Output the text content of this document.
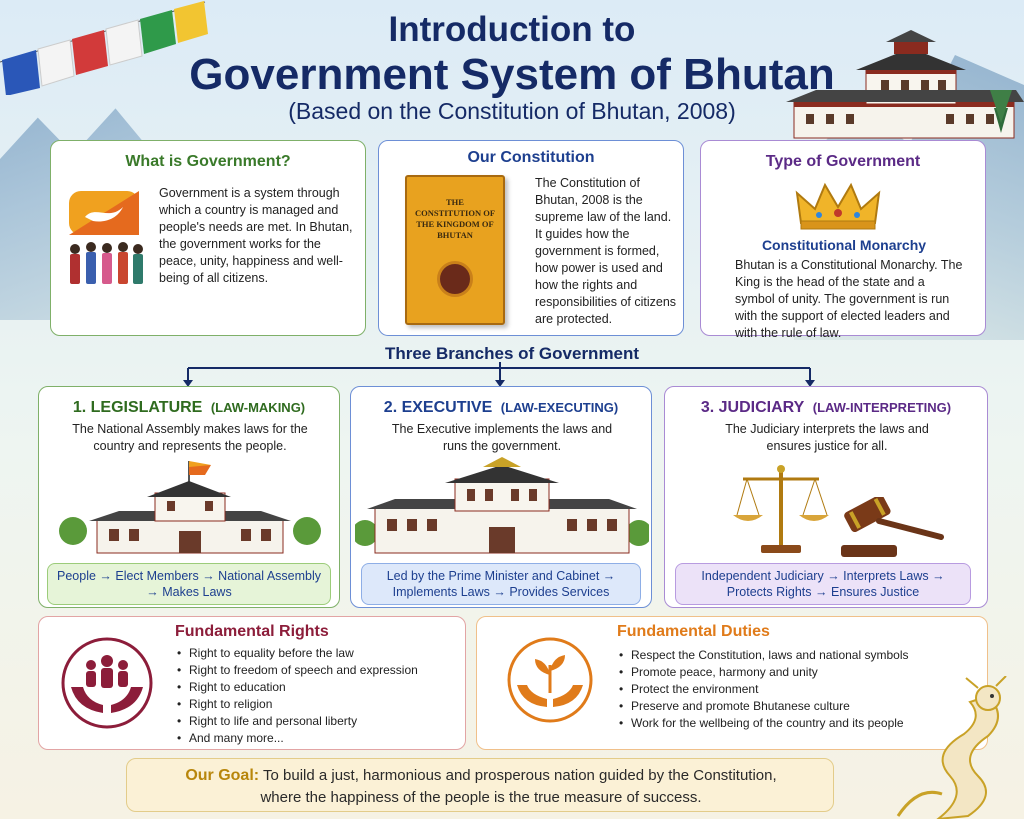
Introduction to
Government System of Bhutan
(Based on the Constitution of Bhutan, 2008)
What is Government?
Government is a system through which a country is managed and people's needs are met. In Bhutan, the government works for the peace, unity, happiness and well-being of all citizens.
Our Constitution
THE CONSTITUTION OF THE KINGDOM OF BHUTAN
The Constitution of Bhutan, 2008 is the supreme law of the land. It guides how the government is formed, how power is used and how the rights and responsibilities of citizens are protected.
Type of Government
Constitutional Monarchy
Bhutan is a Constitutional Monarchy. The King is the head of the state and a symbol of unity. The government is run with the support of elected leaders and with the rule of law.
Three Branches of Government
1. LEGISLATURE (LAW-MAKING)
The National Assembly makes laws for the country and represents the people.
People → Elect Members → National Assembly → Makes Laws
2. EXECUTIVE (LAW-EXECUTING)
The Executive implements the laws and runs the government.
Led by the Prime Minister and Cabinet → Implements Laws → Provides Services
3. JUDICIARY (LAW-INTERPRETING)
The Judiciary interprets the laws and ensures justice for all.
Independent Judiciary → Interprets Laws → Protects Rights → Ensures Justice
Fundamental Rights
• Right to equality before the law
• Right to freedom of speech and expression
• Right to education
• Right to religion
• Right to life and personal liberty
• And many more...
Fundamental Duties
• Respect the Constitution, laws and national symbols
• Promote peace, harmony and unity
• Protect the environment
• Preserve and promote Bhutanese culture
• Work for the wellbeing of the country and its people
Our Goal: To build a just, harmonious and prosperous nation guided by the Constitution,
where the happiness of the people is the true measure of success.
